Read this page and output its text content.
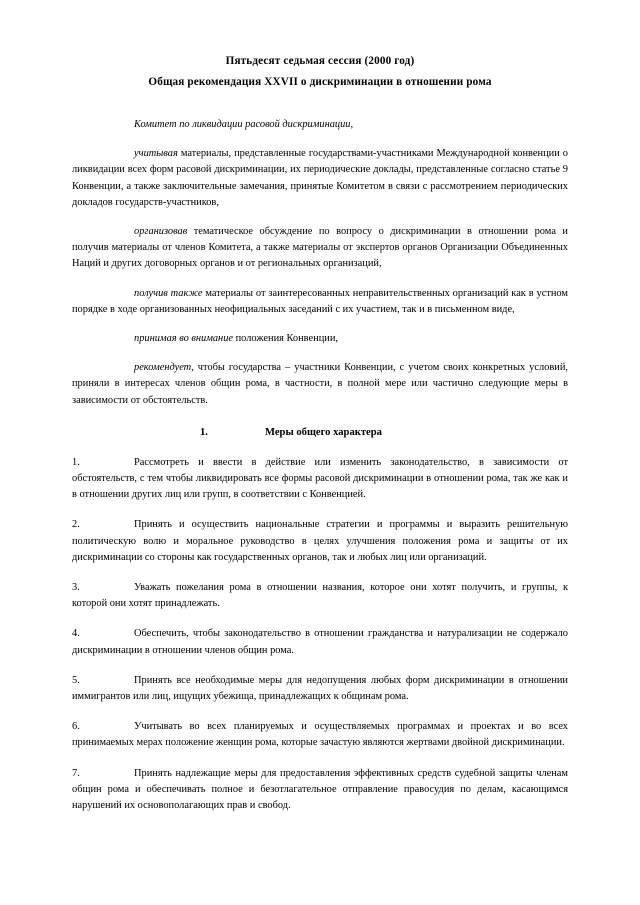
Пятьдесят седьмая сессия (2000 год)
Общая рекомендация XXVII о дискриминации в отношении рома

Комитет по ликвидации расовой дискриминации,

учитывая материалы, представленные государствами-участниками Международной конвенции о ликвидации всех форм расовой дискриминации, их периодические доклады, представленные согласно статье 9 Конвенции, а также заключительные замечания, принятые Комитетом в связи с рассмотрением периодических докладов государств-участников,

организовав тематическое обсуждение по вопросу о дискриминации в отношении рома и получив материалы от членов Комитета, а также материалы от экспертов органов Организации Объединенных Наций и других договорных органов и от региональных организаций,

получив также материалы от заинтересованных неправительственных организаций как в устном порядке в ходе организованных неофициальных заседаний с их участием, так и в письменном виде,

принимая во внимание положения Конвенции,

рекомендует, чтобы государства – участники Конвенции, с учетом своих конкретных условий, приняли в интересах членов общин рома, в частности, в полной мере или частично следующие меры в зависимости от обстоятельств.

1.	Меры общего характера
1.	Рассмотреть и ввести в действие или изменить законодательство, в зависимости от обстоятельств, с тем чтобы ликвидировать все формы расовой дискриминации в отношении рома, так же как и в отношении других лиц или групп, в соответствии с Конвенцией.

2.	Принять и осуществить национальные стратегии и программы и выразить решительную политическую волю и моральное руководство в целях улучшения положения рома и защиты от их дискриминации со стороны как государственных органов, так и любых лиц или организаций.

3.	Уважать пожелания рома в отношении названия, которое они хотят получить, и группы, к которой они хотят принадлежать.

4.	Обеспечить, чтобы законодательство в отношении гражданства и натурализации не содержало дискриминации в отношении членов общин рома.

5.	Принять все необходимые меры для недопущения любых форм дискриминации в отношении иммигрантов или лиц, ищущих убежища, принадлежащих к общинам рома.

6.	Учитывать во всех планируемых и осуществляемых программах и проектах и во всех принимаемых мерах положение женщин рома, которые зачастую являются жертвами двойной дискриминации.

7.	Принять надлежащие меры для предоставления эффективных средств судебной защиты членам общин рома и обеспечивать полное и безотлагательное отправление правосудия по делам, касающимся нарушений их основополагающих прав и свобод.
